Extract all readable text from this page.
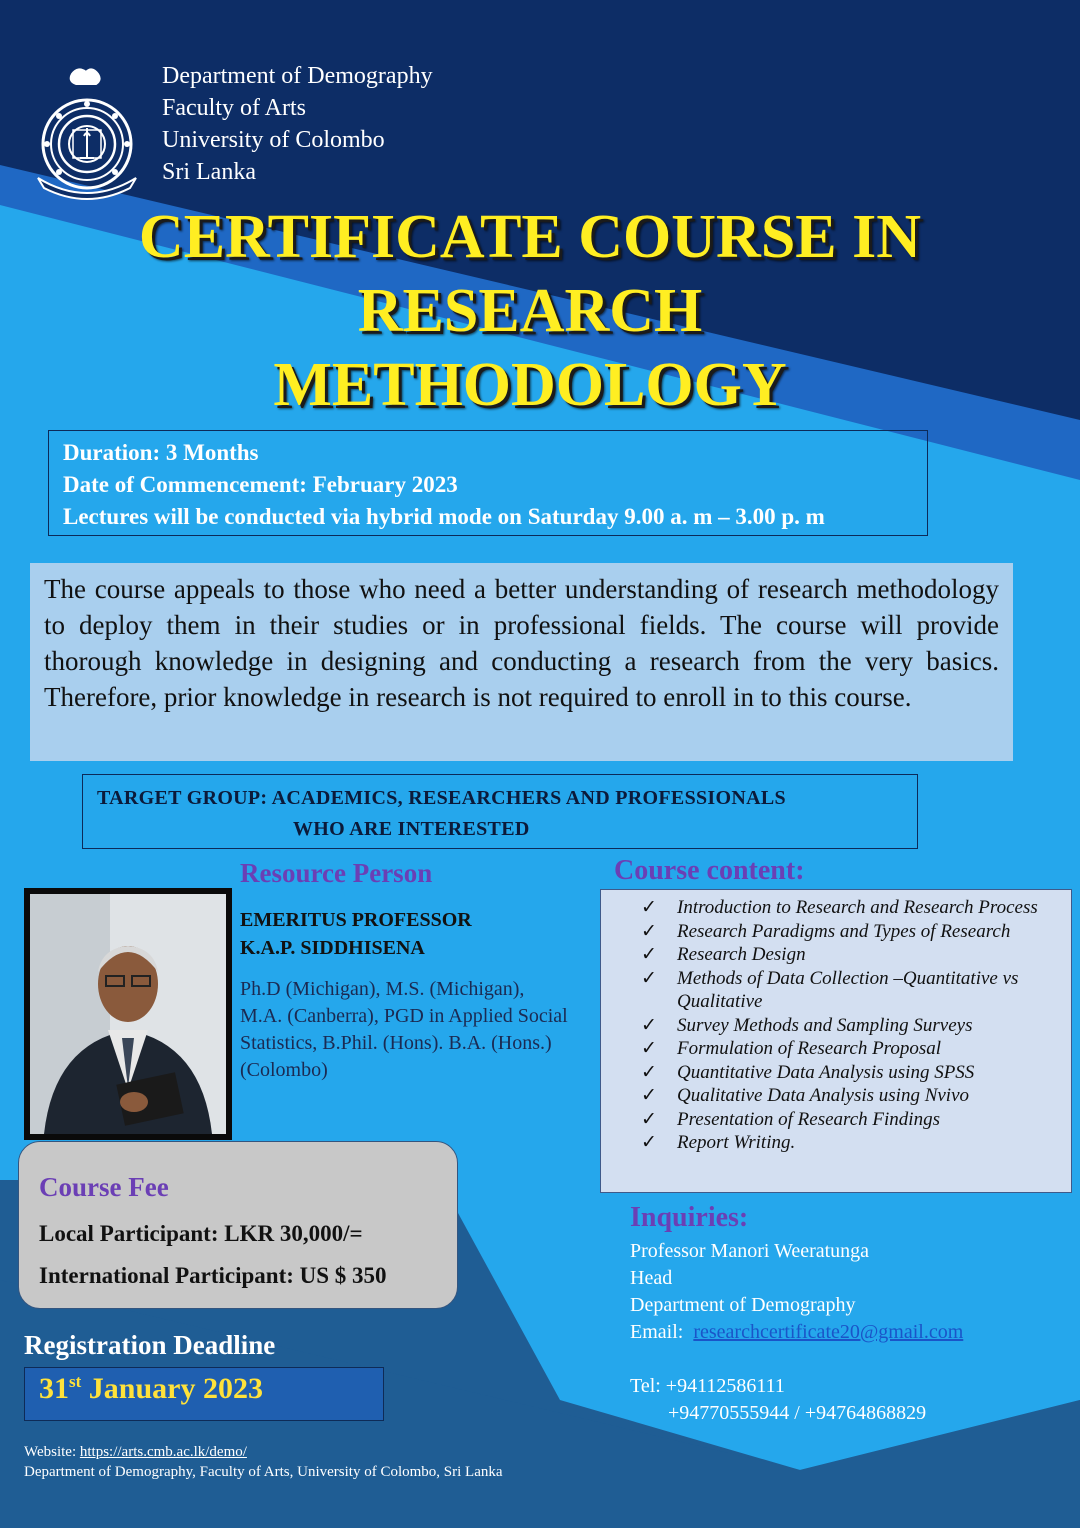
Department of Demography
Faculty of Arts
University of Colombo
Sri Lanka
CERTIFICATE COURSE IN
RESEARCH
METHODOLOGY
Duration: 3 Months
Date of Commencement: February 2023
Lectures will be conducted via hybrid mode on Saturday 9.00 a. m – 3.00 p. m
The course appeals to those who need a better understanding of research methodology to deploy them in their studies or in professional fields. The course will provide thorough knowledge in designing and conducting a research from the very basics. Therefore, prior knowledge in research is not required to enroll in to this course.
TARGET GROUP: ACADEMICS, RESEARCHERS AND PROFESSIONALS
WHO ARE INTERESTED
Resource Person
EMERITUS PROFESSOR
K.A.P. SIDDHISENA
Ph.D (Michigan), M.S. (Michigan), M.A. (Canberra), PGD in Applied Social Statistics, B.Phil. (Hons). B.A. (Hons.)(Colombo)
Course content:
✓ Introduction to Research and Research Process
✓ Research Paradigms and Types of Research
✓ Research Design
✓ Methods of Data Collection –Quantitative vs Qualitative
✓ Survey Methods and Sampling Surveys
✓ Formulation of Research Proposal
✓ Quantitative Data Analysis using SPSS
✓ Qualitative Data Analysis using Nvivo
✓ Presentation of Research Findings
✓ Report Writing.
Course Fee
Local Participant: LKR 30,000/=
International Participant: US $ 350
Inquiries:
Professor Manori Weeratunga
Head
Department of Demography
Email: researchcertificate20@gmail.com
Tel: +94112586111
+94770555944 / +94764868829
Registration Deadline
31st January 2023
Website: https://arts.cmb.ac.lk/demo/
Department of Demography, Faculty of Arts, University of Colombo, Sri Lanka
